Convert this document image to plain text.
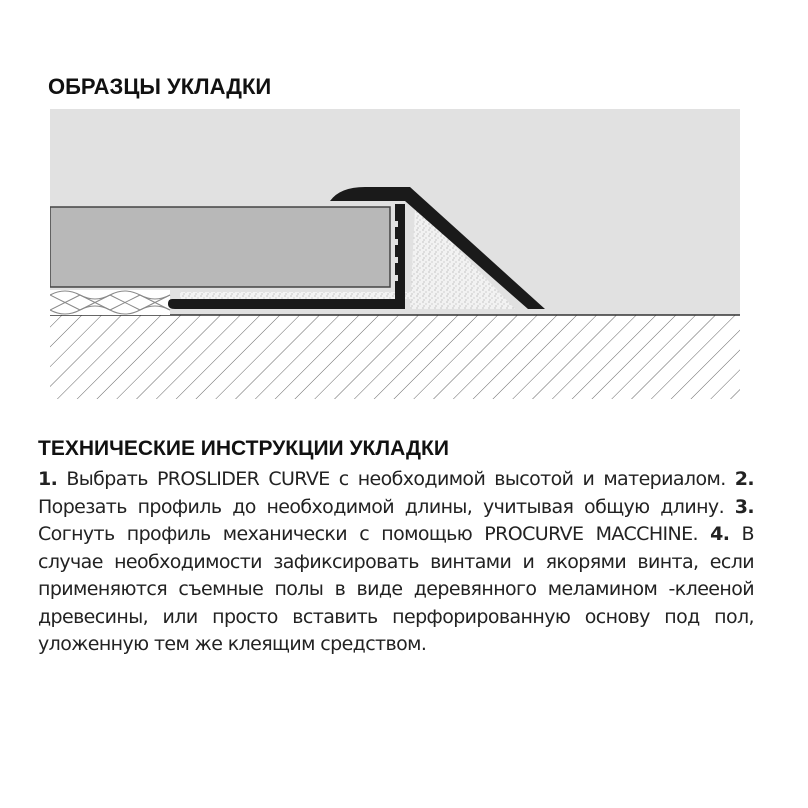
ОБРАЗЦЫ УКЛАДКИ
ТЕХНИЧЕСКИЕ ИНСТРУКЦИИ УКЛАДКИ
1. Выбрать PROSLIDER CURVE с необходимой высотой и материалом. 2. Порезать профиль до необходимой длины, учитывая общую длину. 3. Согнуть профиль механически с помощью PROCURVE MACCHINE. 4. В случае необходимости зафиксировать винтами и якорями винта, если применяются съемные полы в виде деревянного меламином -клееной древесины, или просто вставить перфорированную основу под пол, уложенную тем же клеящим средством.
